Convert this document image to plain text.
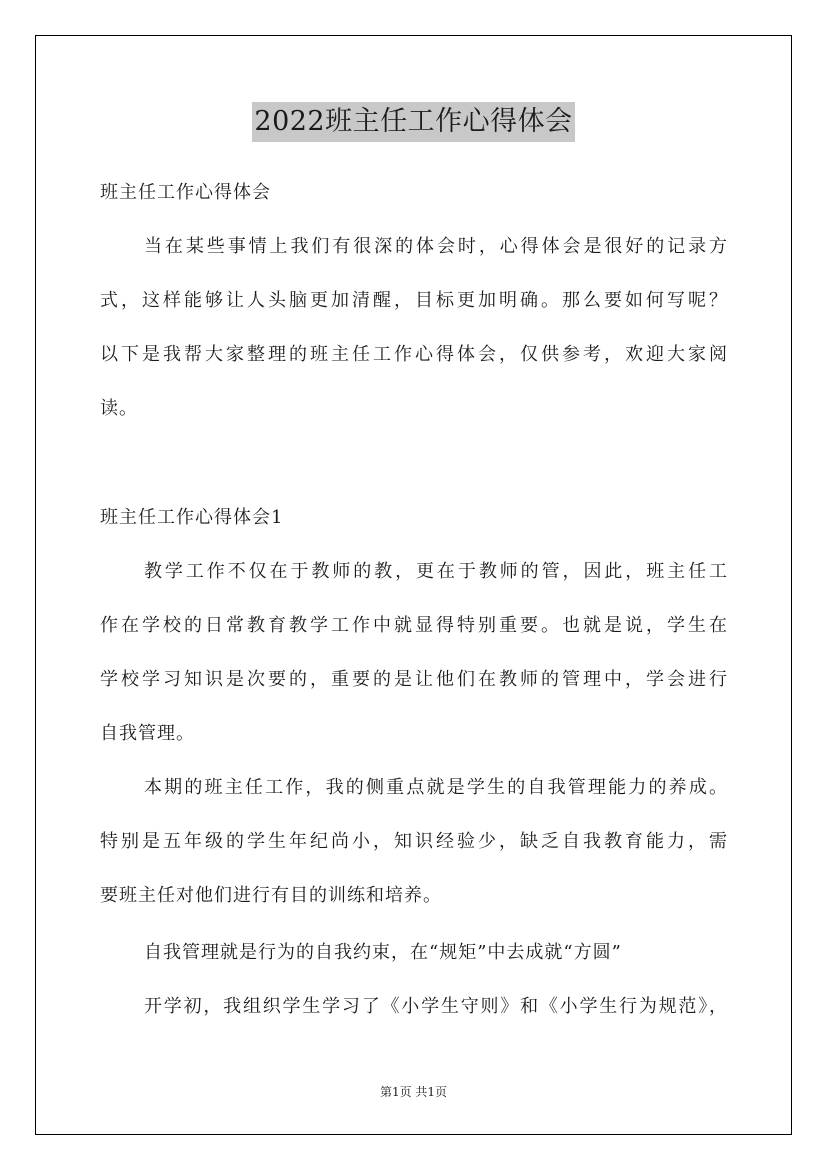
2022班主任工作心得体会
班主任工作心得体会
当在某些事情上我们有很深的体会时，心得体会是很好的记录方
式，这样能够让人头脑更加清醒，目标更加明确。那么要如何写呢？
以下是我帮大家整理的班主任工作心得体会，仅供参考，欢迎大家阅
读。
班主任工作心得体会1
教学工作不仅在于教师的教，更在于教师的管，因此，班主任工
作在学校的日常教育教学工作中就显得特别重要。也就是说，学生在
学校学习知识是次要的，重要的是让他们在教师的管理中，学会进行
自我管理。
本期的班主任工作，我的侧重点就是学生的自我管理能力的养成。
特别是五年级的学生年纪尚小，知识经验少，缺乏自我教育能力，需
要班主任对他们进行有目的训练和培养。
自我管理就是行为的自我约束，在“规矩”中去成就“方圆”
开学初，我组织学生学习了《小学生守则》和《小学生行为规范》，
第1页 共1页
